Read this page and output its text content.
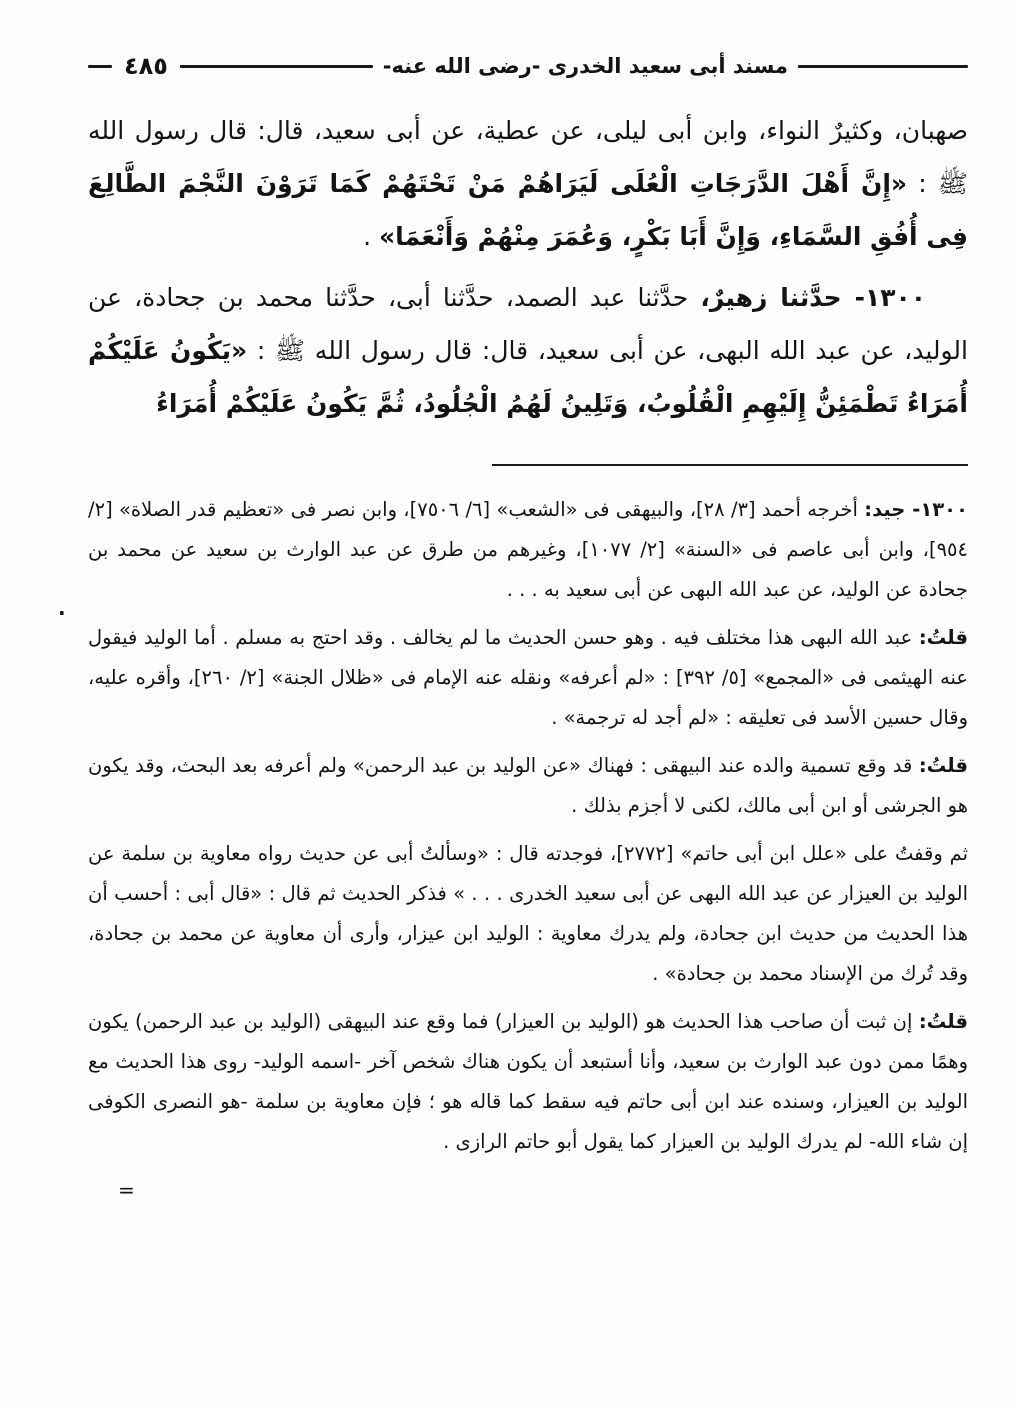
مسند أبى سعيد الخدرى -رضى الله عنه-
٤٨٥

صهبان، وكثيرٌ النواء، وابن أبى ليلى، عن عطية، عن أبى سعيد، قال: قال رسول الله ﷺ : «إِنَّ أَهْلَ الدَّرَجَاتِ الْعُلَى لَيَرَاهُمْ مَنْ تَحْتَهُمْ كَمَا تَرَوْنَ النَّجْمَ الطَّالِعَ فِى أُفُقِ السَّمَاءِ، وَإِنَّ أَبَا بَكْرٍ، وَعُمَرَ مِنْهُمْ وَأَنْعَمَا» .

١٣٠٠- حدَّثنا زهيرٌ، حدَّثنا عبد الصمد، حدَّثنا أبى، حدَّثنا محمد بن جحادة، عن الوليد، عن عبد الله البهى، عن أبى سعيد، قال: قال رسول الله ﷺ : «يَكُونُ عَلَيْكُمْ أُمَرَاءُ تَطْمَئِنُّ إِلَيْهِمِ الْقُلُوبُ، وَتَلِينُ لَهُمُ الْجُلُودُ، ثُمَّ يَكُونُ عَلَيْكُمْ أُمَرَاءُ

١٣٠٠- جيد: أخرجه أحمد [٣/ ٢٨]، والبيهقى فى «الشعب» [٦/ ٧٥٠٦]، وابن نصر فى «تعظيم قدر الصلاة» [٢/ ٩٥٤]، وابن أبى عاصم فى «السنة» [٢/ ١٠٧٧]، وغيرهم من طرق عن عبد الوارث بن سعيد عن محمد بن جحادة عن الوليد، عن عبد الله البهى عن أبى سعيد به . . .

قلتُ: عبد الله البهى هذا مختلف فيه . وهو حسن الحديث ما لم يخالف . وقد احتج به مسلم . أما الوليد فيقول عنه الهيثمى فى «المجمع» [٥/ ٣٩٢] : «لم أعرفه» ونقله عنه الإمام فى «ظلال الجنة» [٢/ ٢٦٠]، وأقره عليه، وقال حسين الأسد فى تعليقه : «لم أجد له ترجمة» .

قلتُ: قد وقع تسمية والده عند البيهقى : فهناك «عن الوليد بن عبد الرحمن» ولم أعرفه بعد البحث، وقد يكون هو الجرشى أو ابن أبى مالك، لكنى لا أجزم بذلك .

ثم وقفتُ على «علل ابن أبى حاتم» [٢٧٧٢]، فوجدته قال : «وسألتُ أبى عن حديث رواه معاوية بن سلمة عن الوليد بن العيزار عن عبد الله البهى عن أبى سعيد الخدرى . . . » فذكر الحديث ثم قال : «قال أبى : أحسب أن هذا الحديث من حديث ابن جحادة، ولم يدرك معاوية : الوليد ابن عيزار، وأرى أن معاوية عن محمد بن جحادة، وقد تُرك من الإسناد محمد بن جحادة» .

قلتُ: إن ثبت أن صاحب هذا الحديث هو (الوليد بن العيزار) فما وقع عند البيهقى (الوليد بن عبد الرحمن) يكون وهمًا ممن دون عبد الوارث بن سعيد، وأنا أستبعد أن يكون هناك شخص آخر -اسمه الوليد- روى هذا الحديث مع الوليد بن العيزار، وسنده عند ابن أبى حاتم فيه سقط كما قاله هو ؛ فإن معاوية بن سلمة -هو النصرى الكوفى إن شاء الله- لم يدرك الوليد بن العيزار كما يقول أبو حاتم الرازى .

=
.
